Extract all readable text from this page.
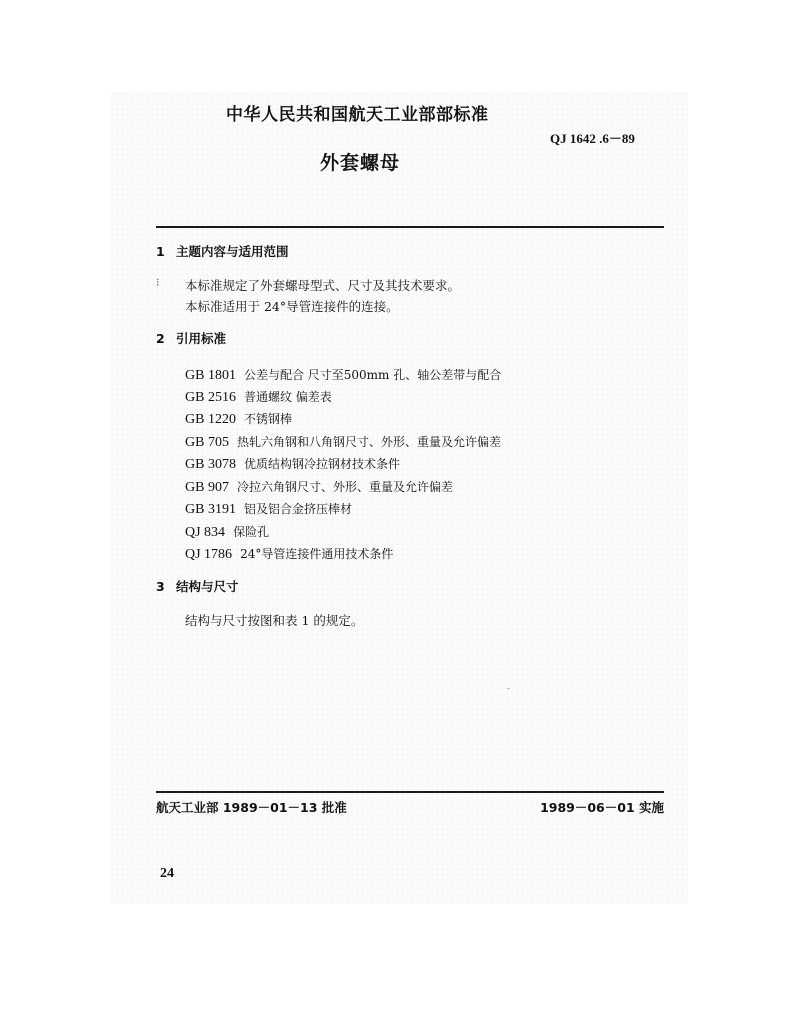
中华人民共和国航天工业部部标准
QJ 1642 .6－89
外套螺母
1 主题内容与适用范围
⁝ 本标准规定了外套螺母型式、尺寸及其技术要求。
本标准适用于 24°导管连接件的连接。
2 引用标准
GB 1801 公差与配合 尺寸至500mm 孔、轴公差带与配合
GB 2516 普通螺纹 偏差表
GB 1220 不锈钢棒
GB 705 热轧六角钢和八角钢尺寸、外形、重量及允许偏差
GB 3078 优质结构钢冷拉钢材技术条件
GB 907 冷拉六角钢尺寸、外形、重量及允许偏差
GB 3191 铝及铝合金挤压棒材
QJ 834 保险孔
QJ 1786 24°导管连接件通用技术条件
3 结构与尺寸
结构与尺寸按图和表 1 的规定。
-
航天工业部 1989－01－13 批准	1989－06－01 实施
24
